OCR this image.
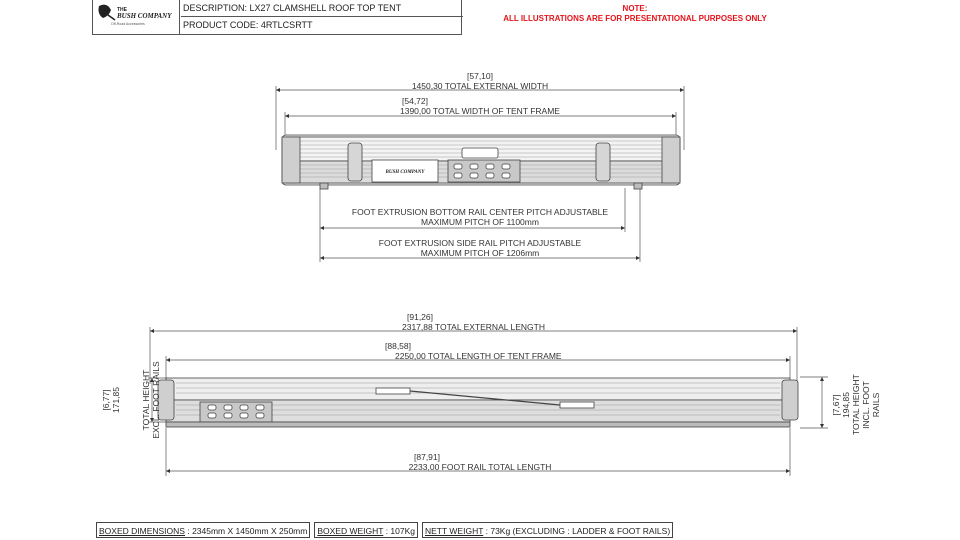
THE
BUSH COMPANY
Off-Road Accessories
DESCRIPTION: LX27 CLAMSHELL ROOF TOP TENT
PRODUCT CODE: 4RTLCSRTT
NOTE:
ALL ILLUSTRATIONS ARE FOR PRESENTATIONAL PURPOSES ONLY
BUSH COMPANY
[57,10]
1450,30 TOTAL EXTERNAL WIDTH
[54,72]
1390,00 TOTAL WIDTH OF TENT FRAME
FOOT EXTRUSION BOTTOM RAIL CENTER PITCH ADJUSTABLE
MAXIMUM PITCH OF 1100mm
FOOT EXTRUSION SIDE RAIL PITCH ADJUSTABLE
MAXIMUM PITCH OF 1206mm
[91,26]
2317,88 TOTAL EXTERNAL LENGTH
[88,58]
2250,00 TOTAL LENGTH OF TENT FRAME
[87,91]
2233,00 FOOT RAIL TOTAL LENGTH
[6,77] 171,85 TOTAL HEIGHT EXCL. FOOT RAILS	[7,67] 194,85 TOTAL HEIGHT INCL. FOOT RAILS
BOXED DIMENSIONS : 2345mm X 1450mm X 250mm	BOXED WEIGHT : 107Kg	NETT WEIGHT : 73Kg (EXCLUDING : LADDER & FOOT RAILS)
